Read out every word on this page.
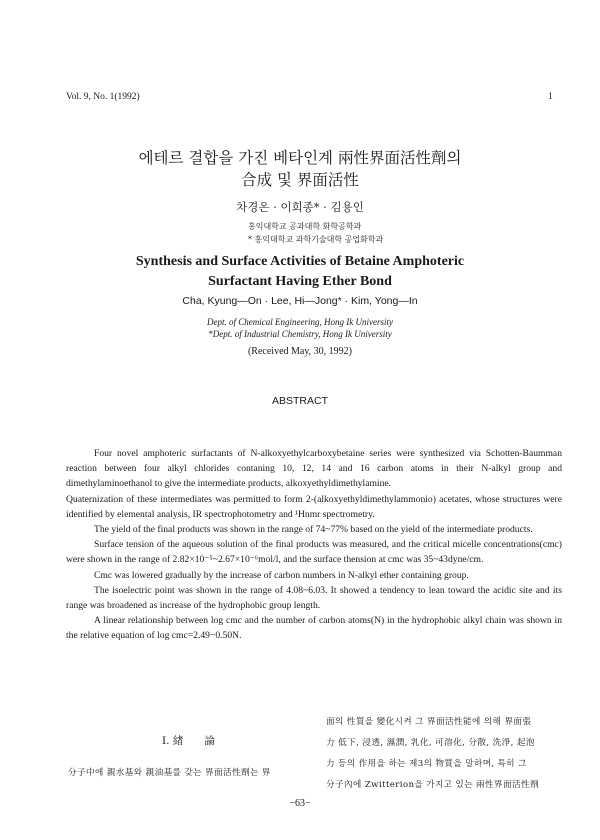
Vol. 9, No. 1(1992)	1
에테르 결합을 가진 베타인계 兩性界面活性劑의
合成 및 界面活性
차경온 · 이희종* · 김용인
홍익대학교 공과대학 화학공학과
* 홍익대학교 과학기술대학 공업화학과
Synthesis and Surface Activities of Betaine Amphoteric
Surfactant Having Ether Bond
Cha, Kyung—On · Lee, Hi—Jong* · Kim, Yong—In
Dept. of Chemical Engineering, Hong Ik University
*Dept. of Industrial Chemistry, Hong Ik University
(Received May, 30, 1992)
ABSTRACT

Four novel amphoteric surfactants of N-alkoxyethylcarboxybetaine series were synthesized via Schotten-Baumman reaction between four alkyl chlorides contaning 10, 12, 14 and 16 carbon atoms in their N-alkyl group and dimethylaminoethanol to give the intermediate products, alkoxyethyldimethylamine.

Quaternization of these intermediates was permitted to form 2-(alkoxyethyldimethylammonio) acetates, whose structures were identified by elemental analysis, IR spectrophotometry and ¹Hnmr spectrometry.

The yield of the final products was shown in the range of 74~77% based on the yield of the intermediate products.

Surface tension of the aqueous solution of the final products was measured, and the critical micelle concentrations(cmc) were shown in the range of 2.82×10⁻⁵~2.67×10⁻⁶mol/l, and the surface thension at cmc was 35~43dyne/cm.

Cmc was lowered gradually by the increase of carbon numbers in N-alkyl ether containing group.

The isoelectric point was shown in the range of 4.08~6.03. It showed a tendency to lean toward the acidic site and its range was broadened as increase of the hydrophobic group length.

A linear relationship between log cmc and the number of carbon atoms(N) in the hydrophobic alkyl chain was shown in the relative equation of log cmc=2.49−0.50N.

I. 緖　　論
分子中에 親水基와 親油基를 갖는 界面活性劑는 界
面의 性質을 變化시켜 그 界面活性能에 의해 界面張
力 低下, 浸透, 濕潤, 乳化, 可溶化, 分散, 洗淨, 起泡
力 등의 作用을 하는 제3의 物質을 말하며, 특히 그
分子內에 Zwitterion을 가지고 있는 兩性界面活性劑
−63−
